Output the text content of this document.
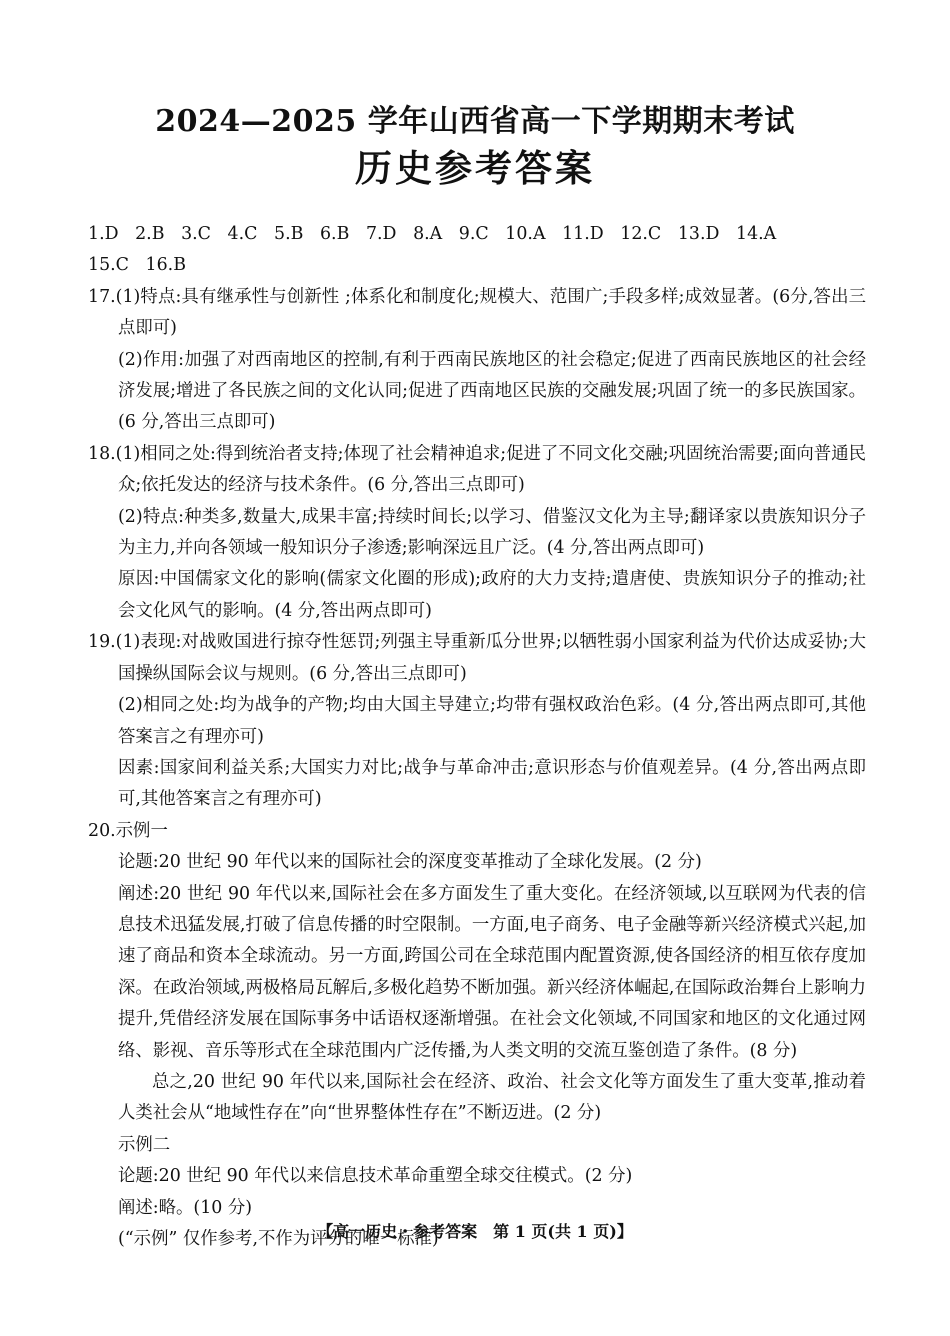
2024—2025 学年山西省高一下学期期末考试
历史参考答案

1.D   2.B   3.C   4.C   5.B   6.B   7.D   8.A   9.C   10.A   11.D   12.C   13.D   14.A

15.C   16.B

17.(1)特点:具有继承性与创新性 ;体系化和制度化;规模大、范围广;手段多样;成效显著。(6分,答出三点即可)

(2)作用:加强了对西南地区的控制,有利于西南民族地区的社会稳定;促进了西南民族地区的社会经济发展;增进了各民族之间的文化认同;促进了西南地区民族的交融发展;巩固了统一的多民族国家。(6 分,答出三点即可)

18.(1)相同之处:得到统治者支持;体现了社会精神追求;促进了不同文化交融;巩固统治需要;面向普通民众;依托发达的经济与技术条件。(6 分,答出三点即可)

(2)特点:种类多,数量大,成果丰富;持续时间长;以学习、借鉴汉文化为主导;翻译家以贵族知识分子为主力,并向各领域一般知识分子渗透;影响深远且广泛。(4 分,答出两点即可)

原因:中国儒家文化的影响(儒家文化圈的形成);政府的大力支持;遣唐使、贵族知识分子的推动;社会文化风气的影响。(4 分,答出两点即可)

19.(1)表现:对战败国进行掠夺性惩罚;列强主导重新瓜分世界;以牺牲弱小国家利益为代价达成妥协;大国操纵国际会议与规则。(6 分,答出三点即可)

(2)相同之处:均为战争的产物;均由大国主导建立;均带有强权政治色彩。(4 分,答出两点即可,其他答案言之有理亦可)

因素:国家间利益关系;大国实力对比;战争与革命冲击;意识形态与价值观差异。(4 分,答出两点即可,其他答案言之有理亦可)

20.示例一

论题:20 世纪 90 年代以来的国际社会的深度变革推动了全球化发展。(2 分)

阐述:20 世纪 90 年代以来,国际社会在多方面发生了重大变化。在经济领域,以互联网为代表的信息技术迅猛发展,打破了信息传播的时空限制。一方面,电子商务、电子金融等新兴经济模式兴起,加速了商品和资本全球流动。另一方面,跨国公司在全球范围内配置资源,使各国经济的相互依存度加深。在政治领域,两极格局瓦解后,多极化趋势不断加强。新兴经济体崛起,在国际政治舞台上影响力提升,凭借经济发展在国际事务中话语权逐渐增强。在社会文化领域,不同国家和地区的文化通过网络、影视、音乐等形式在全球范围内广泛传播,为人类文明的交流互鉴创造了条件。(8 分)

总之,20 世纪 90 年代以来,国际社会在经济、政治、社会文化等方面发生了重大变革,推动着人类社会从“地域性存在”向“世界整体性存在”不断迈进。(2 分)

示例二

论题:20 世纪 90 年代以来信息技术革命重塑全球交往模式。(2 分)

阐述:略。(10 分)

(“示例” 仅作参考,不作为评分的唯一标准)

【高一历史・参考答案　第 1 页(共 1 页)】
